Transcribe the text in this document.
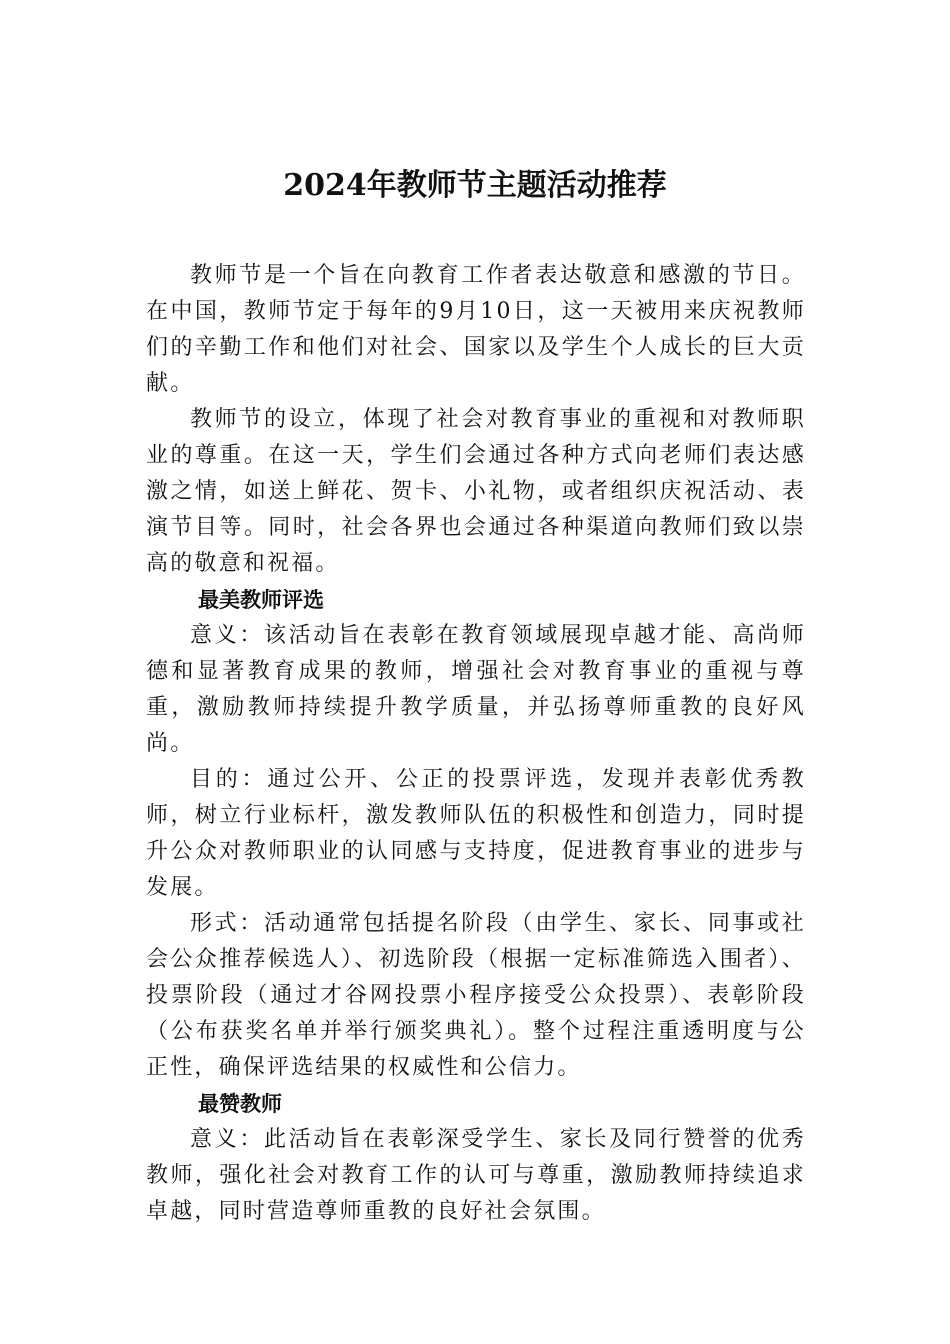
2024年教师节主题活动推荐

教师节是一个旨在向教育工作者表达敬意和感激的节日。在中国，教师节定于每年的9月10日，这一天被用来庆祝教师们的辛勤工作和他们对社会、国家以及学生个人成长的巨大贡献。

教师节的设立，体现了社会对教育事业的重视和对教师职业的尊重。在这一天，学生们会通过各种方式向老师们表达感激之情，如送上鲜花、贺卡、小礼物，或者组织庆祝活动、表演节目等。同时，社会各界也会通过各种渠道向教师们致以崇高的敬意和祝福。

最美教师评选

意义：该活动旨在表彰在教育领域展现卓越才能、高尚师德和显著教育成果的教师，增强社会对教育事业的重视与尊重，激励教师持续提升教学质量，并弘扬尊师重教的良好风尚。

目的：通过公开、公正的投票评选，发现并表彰优秀教师，树立行业标杆，激发教师队伍的积极性和创造力，同时提升公众对教师职业的认同感与支持度，促进教育事业的进步与发展。

形式：活动通常包括提名阶段（由学生、家长、同事或社会公众推荐候选人）、初选阶段（根据一定标准筛选入围者）、投票阶段（通过才谷网投票小程序接受公众投票）、表彰阶段（公布获奖名单并举行颁奖典礼）。整个过程注重透明度与公正性，确保评选结果的权威性和公信力。

最赞教师

意义：此活动旨在表彰深受学生、家长及同行赞誉的优秀教师，强化社会对教育工作的认可与尊重，激励教师持续追求卓越，同时营造尊师重教的良好社会氛围。
